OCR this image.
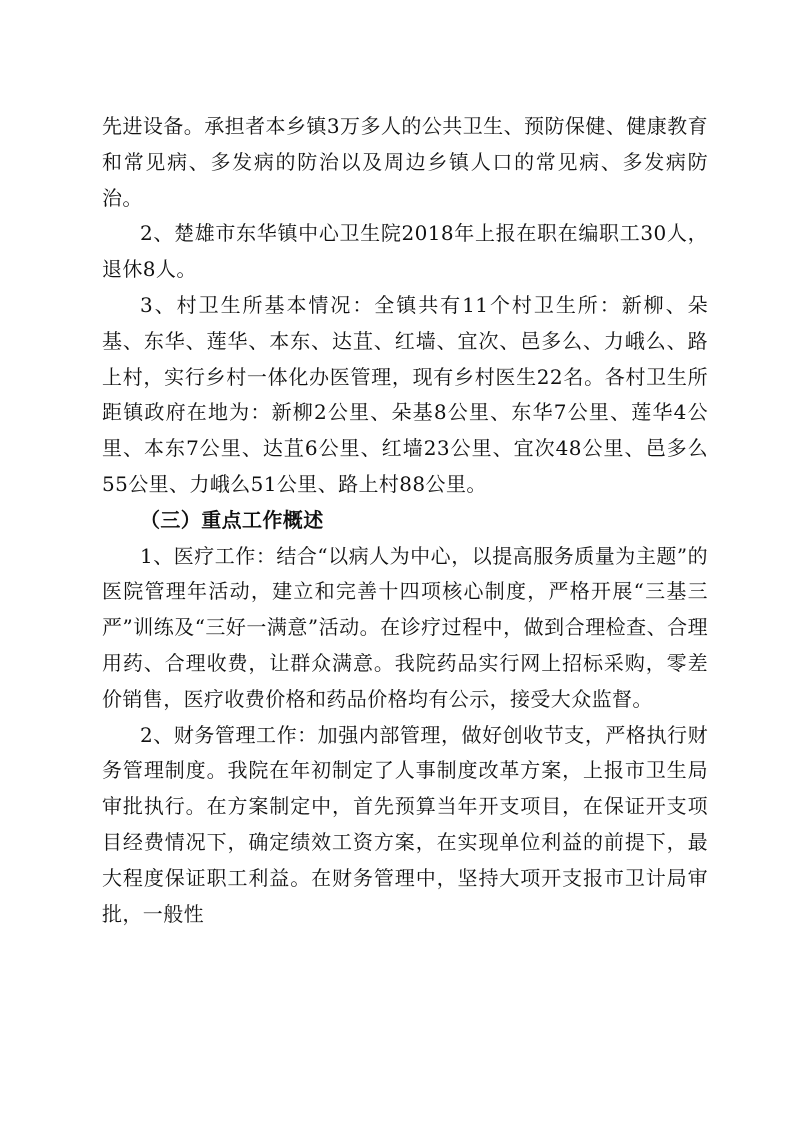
先进设备。承担者本乡镇3万多人的公共卫生、预防保健、健康教育和常见病、多发病的防治以及周边乡镇人口的常见病、多发病防治。

2、楚雄市东华镇中心卫生院2018年上报在职在编职工30人，退休8人。

3、村卫生所基本情况：全镇共有11个村卫生所：新柳、朵基、东华、莲华、本东、达苴、红墙、宜次、邑多么、力峨么、路上村，实行乡村一体化办医管理，现有乡村医生22名。各村卫生所距镇政府在地为：新柳2公里、朵基8公里、东华7公里、莲华4公里、本东7公里、达苴6公里、红墙23公里、宜次48公里、邑多么55公里、力峨么51公里、路上村88公里。

（三）重点工作概述

1、医疗工作：结合“以病人为中心，以提高服务质量为主题”的医院管理年活动，建立和完善十四项核心制度，严格开展“三基三严”训练及“三好一满意”活动。在诊疗过程中，做到合理检查、合理用药、合理收费，让群众满意。我院药品实行网上招标采购，零差价销售，医疗收费价格和药品价格均有公示，接受大众监督。

2、财务管理工作：加强内部管理，做好创收节支，严格执行财务管理制度。我院在年初制定了人事制度改革方案，上报市卫生局审批执行。在方案制定中，首先预算当年开支项目，在保证开支项目经费情况下，确定绩效工资方案，在实现单位利益的前提下，最大程度保证职工利益。在财务管理中，坚持大项开支报市卫计局审批，一般性
